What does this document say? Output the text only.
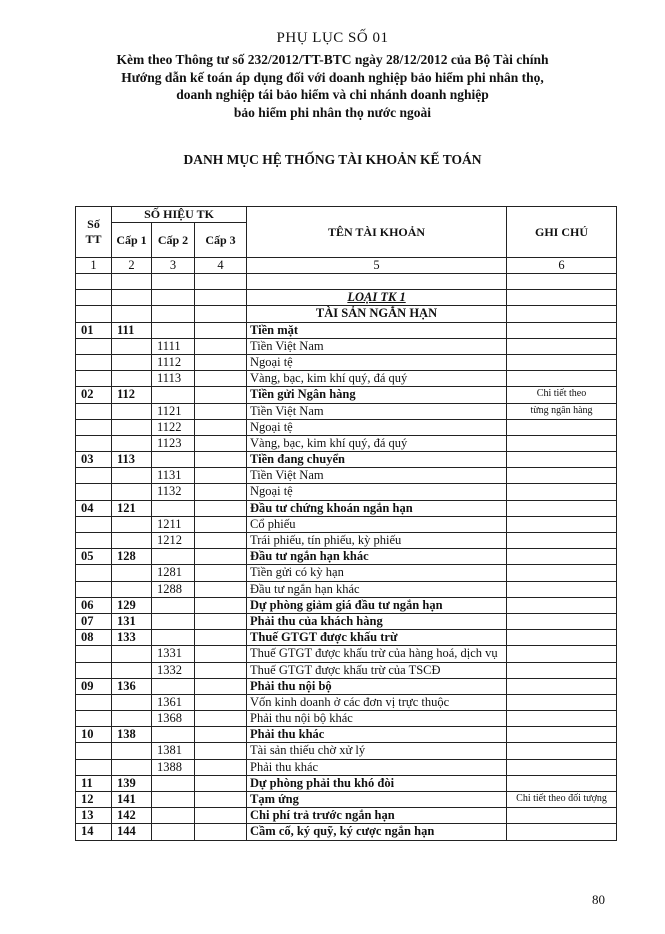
PHỤ LỤC SỐ 01
Kèm theo Thông tư số 232/2012/TT-BTC ngày 28/12/2012 của Bộ Tài chính
Hướng dẫn kế toán áp dụng đối với doanh nghiệp bảo hiểm phi nhân thọ,
doanh nghiệp tái bảo hiểm và chi nhánh doanh nghiệp
bảo hiểm phi nhân thọ nước ngoài
DANH MỤC HỆ THỐNG TÀI KHOẢN KẾ TOÁN
Số TT	SỐ HIỆU TK			TÊN TÀI KHOẢN	GHI CHÚ
	Cấp 1	Cấp 2	Cấp 3		
1	2	3	4	5	6

				LOẠI TK 1	
				TÀI SẢN NGẮN HẠN	
01	111			Tiền mặt	
		1111		Tiền Việt Nam	
		1112		Ngoại tệ	
		1113		Vàng, bạc, kim khí quý, đá quý	
02	112			Tiền gửi Ngân hàng	Chi tiết theo
		1121		Tiền Việt Nam	từng ngân hàng
		1122		Ngoại tệ	
		1123		Vàng, bạc, kim khí quý, đá quý	
03	113			Tiền đang chuyển	
		1131		Tiền Việt Nam	
		1132		Ngoại tệ	
04	121			Đầu tư chứng khoán ngắn hạn	
		1211		Cổ phiếu	
		1212		Trái phiếu, tín phiếu, kỳ phiếu	
05	128			Đầu tư ngắn hạn khác	
		1281		Tiền gửi có kỳ hạn	
		1288		Đầu tư ngắn hạn khác	
06	129			Dự phòng giảm giá đầu tư ngắn hạn	
07	131			Phải thu của khách hàng	
08	133			Thuế GTGT được khấu trừ	
		1331		Thuế GTGT được khấu trừ của hàng hoá, dịch vụ	
		1332		Thuế GTGT được khấu trừ của TSCĐ	
09	136			Phải thu nội bộ	
		1361		Vốn kinh doanh ở các đơn vị trực thuộc	
		1368		Phải thu nội bộ khác	
10	138			Phải thu khác	
		1381		Tài sản thiếu chờ xử lý	
		1388		Phải thu khác	
11	139			Dự phòng phải thu khó đòi	
12	141			Tạm ứng	Chi tiết theo đối tượng
13	142			Chi phí trả trước ngắn hạn	
14	144			Cầm cố, ký quỹ, ký cược ngắn hạn	
80
